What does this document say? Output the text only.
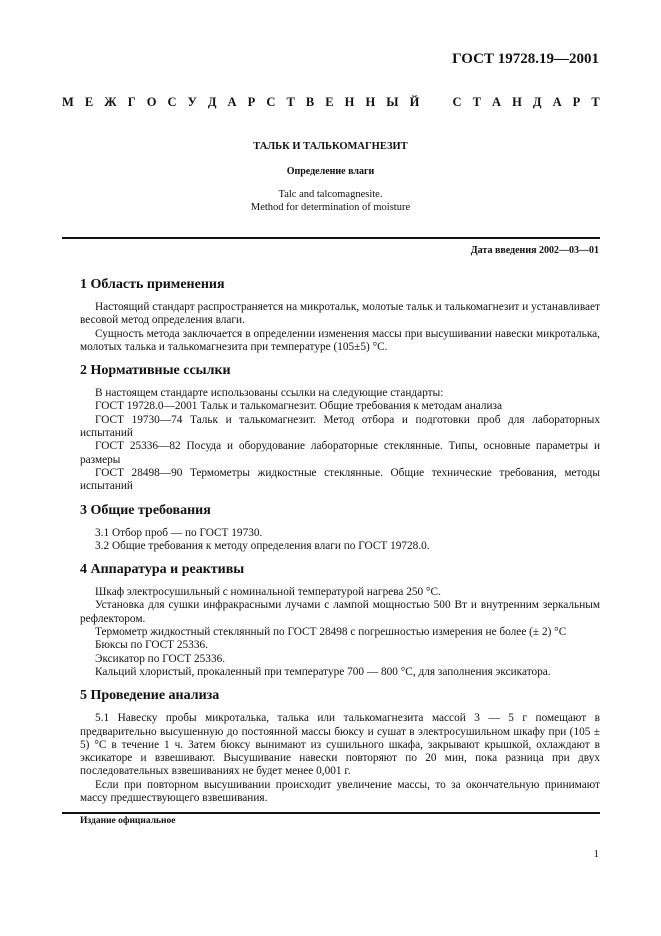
ГОСТ 19728.19—2001
М Е Ж Г О С У Д А Р С Т В Е Н Н Ы Й	С Т А Н Д А Р Т
ТАЛЬК И ТАЛЬКОМАГНЕЗИТ
Определение влаги
Talc and talcomagnesite.
Method for determination of moisture
Дата введения 2002—03—01
1 Область применения

Настоящий стандарт распространяется на микротальк, молотые тальк и талькомагнезит и устанавливает весовой метод определения влаги.

Сущность метода заключается в определении изменения массы при высушивании навески микроталька, молотых талька и талькомагнезита при температуре (105±5) °С.

2 Нормативные ссылки

В настоящем стандарте использованы ссылки на следующие стандарты:

ГОСТ 19728.0—2001 Тальк и талькомагнезит. Общие требования к методам анализа

ГОСТ 19730—74 Тальк и талькомагнезит. Метод отбора и подготовки проб для лабораторных испытаний

ГОСТ 25336—82 Посуда и оборудование лабораторные стеклянные. Типы, основные параметры и размеры

ГОСТ 28498—90 Термометры жидкостные стеклянные. Общие технические требования, методы испытаний

3 Общие требования

3.1 Отбор проб — по ГОСТ 19730.

3.2 Общие требования к методу определения влаги по ГОСТ 19728.0.

4 Аппаратура и реактивы

Шкаф электросушильный с номинальной температурой нагрева 250 °С.

Установка для сушки инфракрасными лучами с лампой мощностью 500 Вт и внутренним зеркальным рефлектором.

Термометр жидкостный стеклянный по ГОСТ 28498 с погрешностью измерения не более (± 2) °С

Бюксы по ГОСТ 25336.

Эксикатор по ГОСТ 25336.

Кальций хлористый, прокаленный при температуре 700 — 800 °С, для заполнения эксикатора.

5 Проведение анализа

5.1 Навеску пробы микроталька, талька или талькомагнезита массой 3 — 5 г помещают в предварительно высушенную до постоянной массы бюксу и сушат в электросушильном шкафу при (105 ± 5) °С в течение 1 ч. Затем бюксу вынимают из сушильного шкафа, закрывают крышкой, охлаждают в эксикаторе и взвешивают. Высушивание навески повторяют по 20 мин, пока разница при двух последовательных взвешиваниях не будет менее 0,001 г.

Если при повторном высушивании происходит увеличение массы, то за окончательную принимают массу предшествующего взвешивания.

Издание официальное
1
